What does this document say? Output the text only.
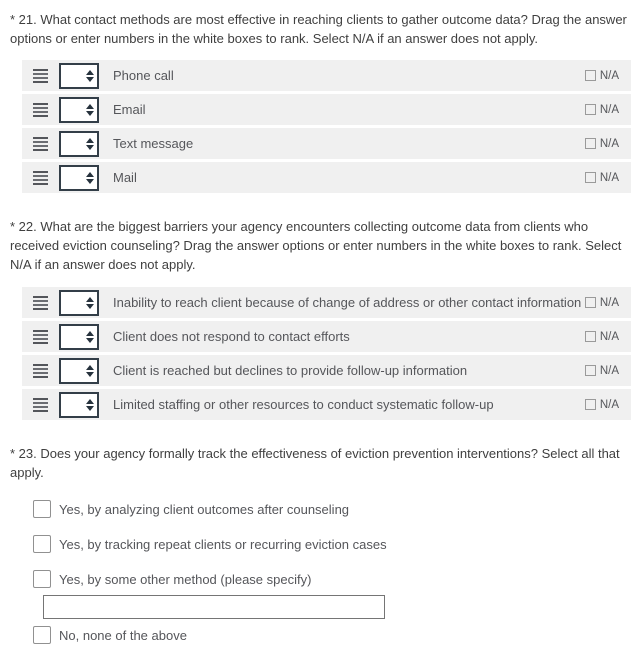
* 21. What contact methods are most effective in reaching clients to gather outcome data? Drag the answer options or enter numbers in the white boxes to rank. Select N/A if an answer does not apply.

Phone call	N/A
Email	N/A
Text message	N/A
Mail	N/A

* 22. What are the biggest barriers your agency encounters collecting outcome data from clients who received eviction counseling? Drag the answer options or enter numbers in the white boxes to rank. Select N/A if an answer does not apply.

Inability to reach client because of change of address or other contact information N/A
Client does not respond to contact efforts	N/A
Client is reached but declines to provide follow-up information	N/A
Limited staffing or other resources to conduct systematic follow-up	N/A

* 23. Does your agency formally track the effectiveness of eviction prevention interventions? Select all that apply.

Yes, by analyzing client outcomes after counseling
Yes, by tracking repeat clients or recurring eviction cases
Yes, by some other method (please specify)
No, none of the above
